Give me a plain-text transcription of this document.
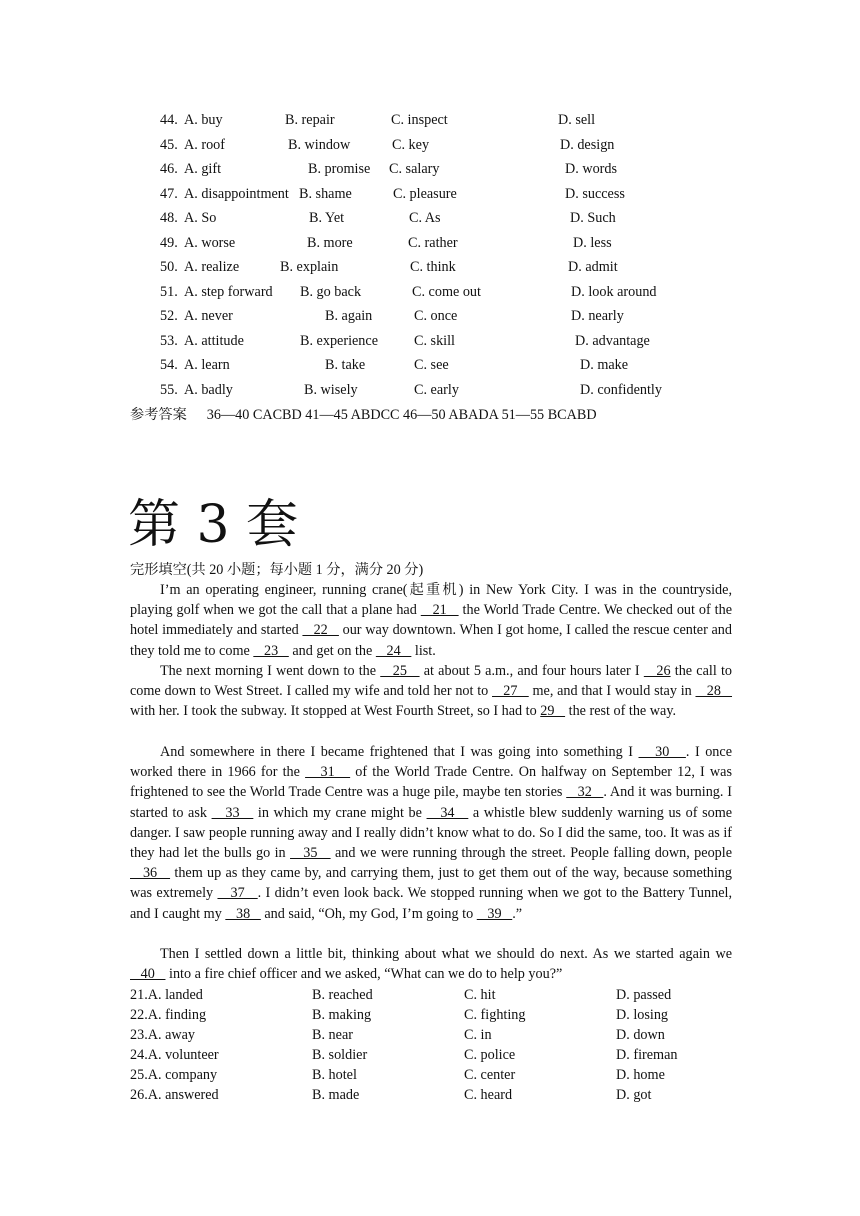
44. A. buy	B. repair	C. inspect	D. sell
45. A. roof	B. window	C. key	D. design
46. A. gift	B. promise C. salary	D. words
47. A. disappointment B. shame	C. pleasure	D. success
48. A. So	B. Yet	C. As	D. Such
49. A. worse	B. more	C. rather	D. less
50. A. realize	B. explain	C. think	D. admit
51. A. step forward B. go back	C. come out	D. look around
52. A. never	B. again	C. once	D. nearly
53. A. attitude	B. experience	C. skill	D. advantage
54. A. learn	B. take	C. see	D. make
55. A. badly	B. wisely	C. early	D. confidently
参考答案 36—40 CACBD 41—45 ABDCC 46—50 ABADA 51—55 BCABD
第 3 套
完形填空(共 20 小题；每小题 1 分，满分 20 分)
I’m an operating engineer, running crane(起重机) in New York City. I was in the countryside, playing golf when we got the call that a plane had    21    the World Trade Centre. We checked out of the hotel immediately and started    22    our way downtown. When I got home, I called the rescue center and they told me to come    23    and get on the    24    list.
The next morning I went down to the    25    at about 5 a.m., and four hours later I    26 the call to come down to West Street. I called my wife and told her not to    27    me, and that I would stay in    28    with her. I took the subway. It stopped at West Fourth Street, so I had to 29    the rest of the way.
And somewhere in there I became frightened that I was going into something I    30   . I once worked there in 1966 for the    31    of the World Trade Centre. On halfway on September 12, I was frightened to see the World Trade Centre was a huge pile, maybe ten stories    32   . And it was burning. I started to ask    33    in which my crane might be    34    a whistle blew suddenly warning us of some danger. I saw people running away and I really didn’t know what to do. So I did the same, too. It was as if they had let the bulls go in    35    and we were running through the street. People falling down, people    36    them up as they came by, and carrying them, just to get them out of the way, because something was extremely    37   . I didn’t even look back. We stopped running when we got to the Battery Tunnel, and I caught my    38    and said, “Oh, my God, I’m going to    39   .”
Then I settled down a little bit, thinking about what we should do next. As we started again we    40    into a fire chief officer and we asked, “What can we do to help you?”
21.A. landed	B. reached	C. hit	D. passed
22.A. finding	B. making	C. fighting	D. losing
23.A. away	B. near	C. in	D. down
24.A. volunteer	B. soldier	C. police	D. fireman
25.A. company	B. hotel	C. center	D. home
26.A. answered	B. made	C. heard	D. got
